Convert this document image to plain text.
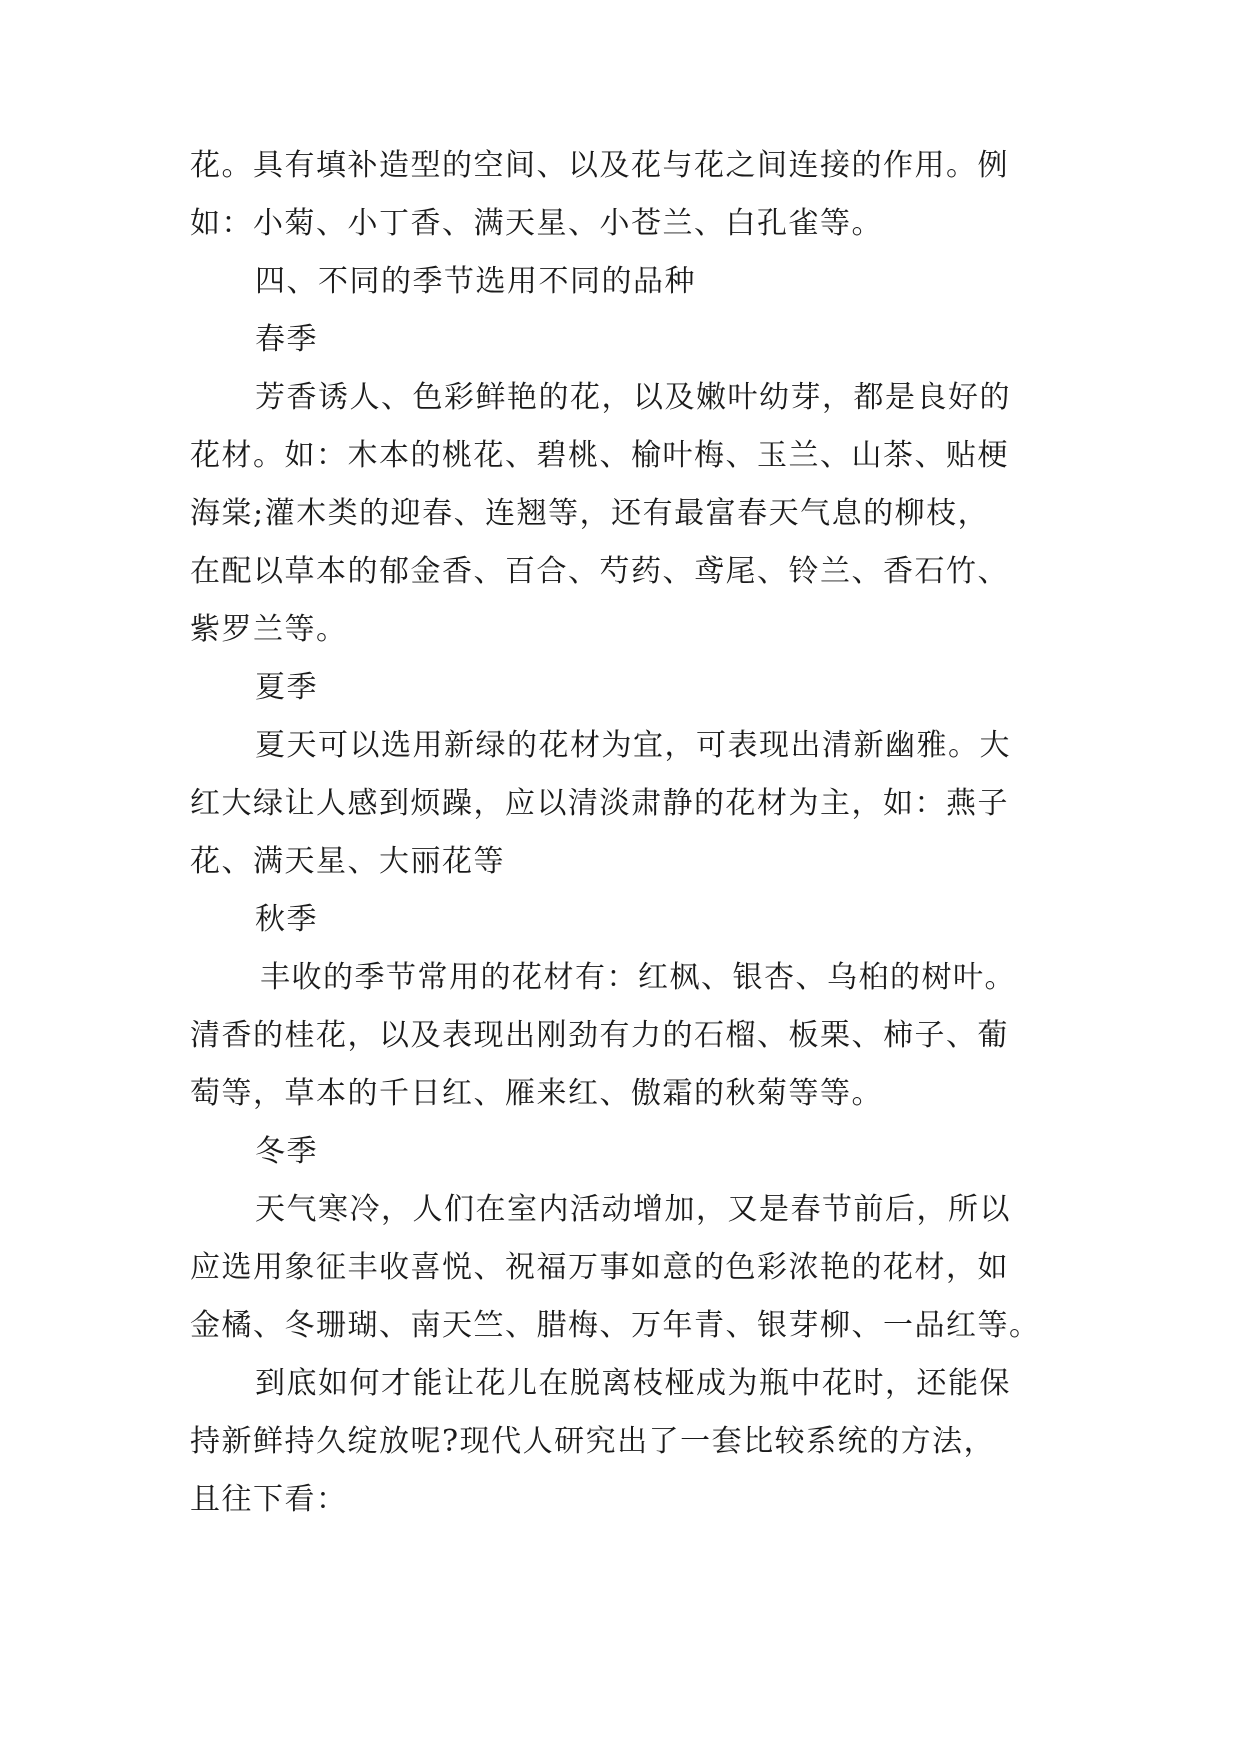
花。具有填补造型的空间、以及花与花之间连接的作用。例
如：小菊、小丁香、满天星、小苍兰、白孔雀等。
四、不同的季节选用不同的品种
春季
芳香诱人、色彩鲜艳的花，以及嫩叶幼芽，都是良好的
花材。如：木本的桃花、碧桃、榆叶梅、玉兰、山茶、贴梗
海棠;灌木类的迎春、连翘等，还有最富春天气息的柳枝，
在配以草本的郁金香、百合、芍药、鸢尾、铃兰、香石竹、
紫罗兰等。
夏季
夏天可以选用新绿的花材为宜，可表现出清新幽雅。大
红大绿让人感到烦躁，应以清淡肃静的花材为主，如：燕子
花、满天星、大丽花等
秋季
丰收的季节常用的花材有：红枫、银杏、乌桕的树叶。
清香的桂花，以及表现出刚劲有力的石榴、板栗、柿子、葡
萄等，草本的千日红、雁来红、傲霜的秋菊等等。
冬季
天气寒冷，人们在室内活动增加，又是春节前后，所以
应选用象征丰收喜悦、祝福万事如意的色彩浓艳的花材，如
金橘、冬珊瑚、南天竺、腊梅、万年青、银芽柳、一品红等。
到底如何才能让花儿在脱离枝桠成为瓶中花时，还能保
持新鲜持久绽放呢?现代人研究出了一套比较系统的方法，
且往下看：
